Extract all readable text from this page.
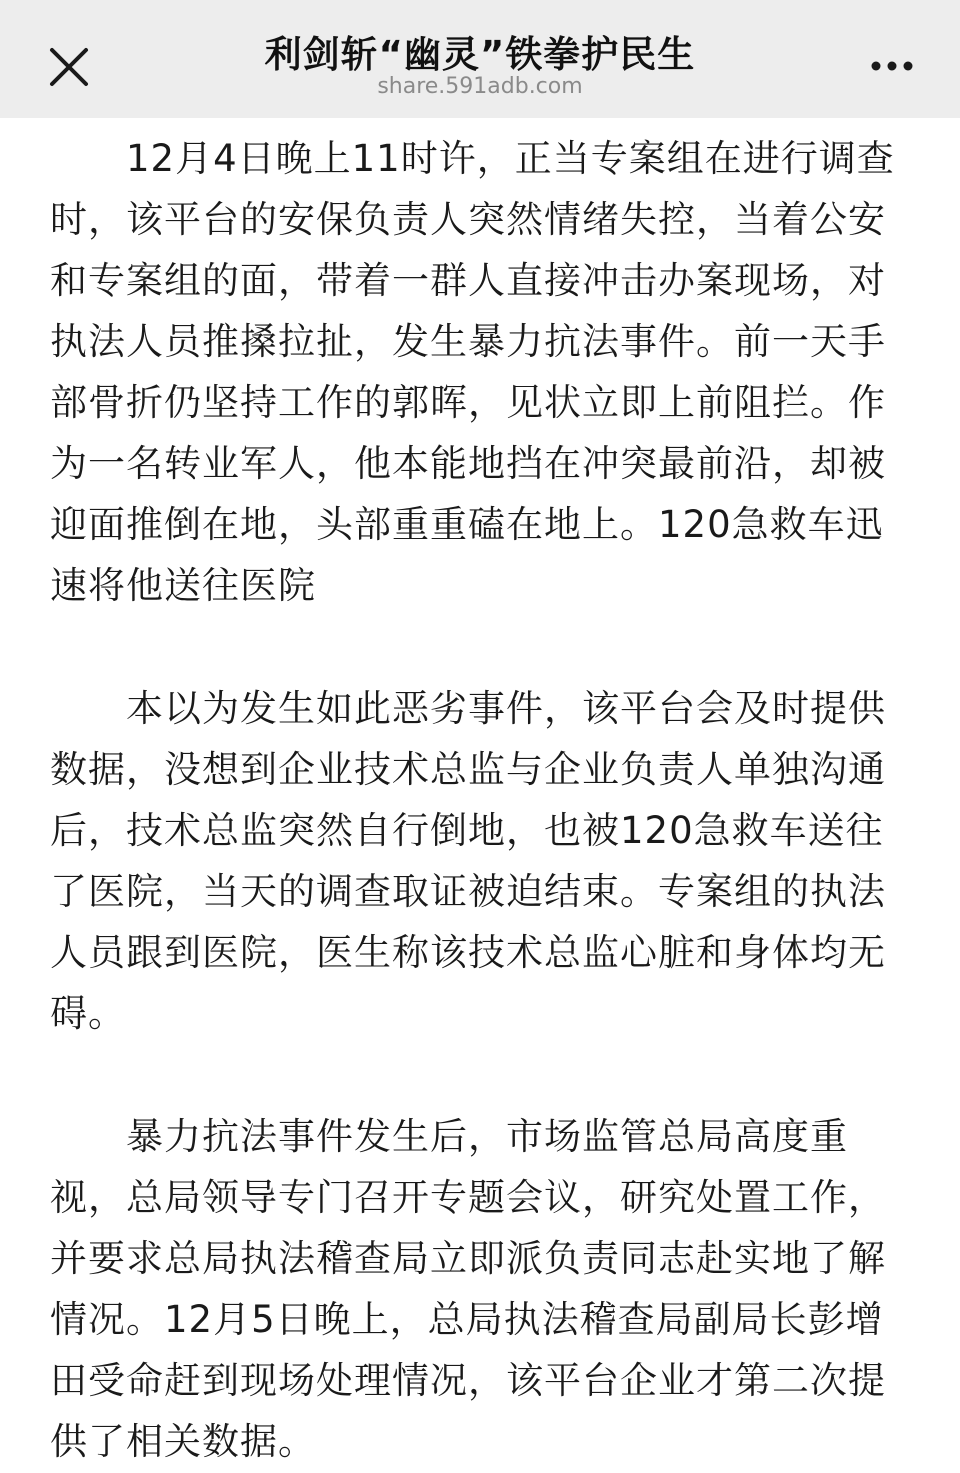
利剑斩“幽灵”铁拳护民生
share.591adb.com

12月4日晚上11时许，正当专案组在进行调查时，该平台的安保负责人突然情绪失控，当着公安和专案组的面，带着一群人直接冲击办案现场，对执法人员推搡拉扯，发生暴力抗法事件。前一天手部骨折仍坚持工作的郭晖，见状立即上前阻拦。作为一名转业军人，他本能地挡在冲突最前沿，却被迎面推倒在地，头部重重磕在地上。120急救车迅速将他送往医院

本以为发生如此恶劣事件，该平台会及时提供数据，没想到企业技术总监与企业负责人单独沟通后，技术总监突然自行倒地，也被120急救车送往了医院，当天的调查取证被迫结束。专案组的执法人员跟到医院，医生称该技术总监心脏和身体均无碍。

暴力抗法事件发生后，市场监管总局高度重视，总局领导专门召开专题会议，研究处置工作，并要求总局执法稽查局立即派负责同志赴实地了解情况。12月5日晚上，总局执法稽查局副局长彭增田受命赶到现场处理情况，该平台企业才第二次提供了相关数据。
